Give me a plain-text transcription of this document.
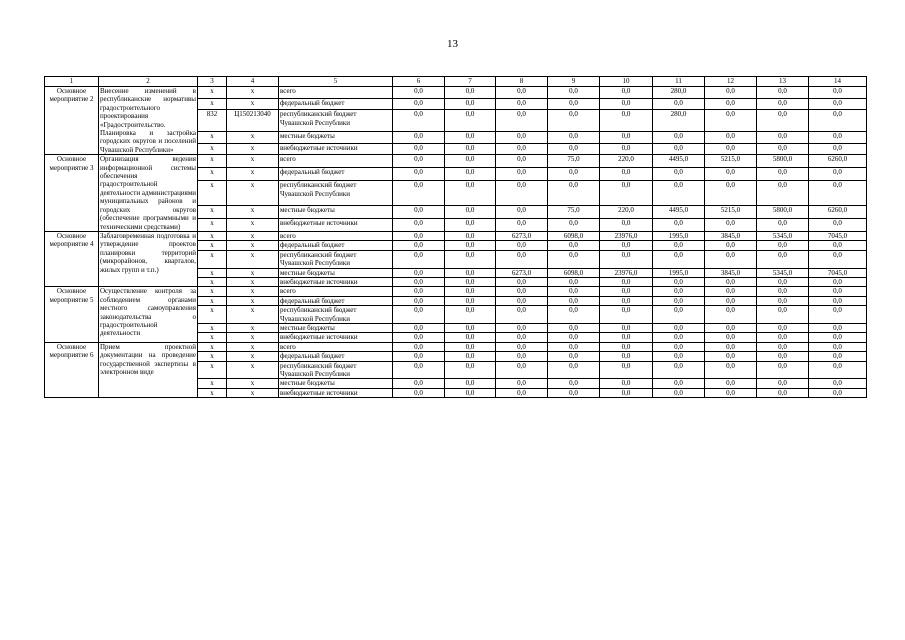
13
1	2	3	4	5	6	7	8	9	10	11	12	13	14
Основное мероприятие 2	Внесение изменений в республиканские нормативы градостроительного проектирования «Градостроительство. Планировка и застройка городских округов и поселений Чувашской Республики»	x	x	всего	0,0	0,0	0,0	0,0	0,0	280,0	0,0	0,0	0,0
		x	x	федеральный бюджет	0,0	0,0	0,0	0,0	0,0	0,0	0,0	0,0	0,0
		832	Ц150213040	республиканский бюджет Чувашской Республики	0,0	0,0	0,0	0,0	0,0	280,0	0,0	0,0	0,0
		x	x	местные бюджеты	0,0	0,0	0,0	0,0	0,0	0,0	0,0	0,0	0,0
		x	x	внебюджетные источники	0,0	0,0	0,0	0,0	0,0	0,0	0,0	0,0	0,0
Основное мероприятие 3	Организация ведения информационной системы обеспечения градостроительной деятельности администрациями муниципальных районов и городских округов (обеспечение программными и техническими средствами)	x	x	всего	0,0	0,0	0,0	75,0	220,0	4495,0	5215,0	5800,0	6260,0
		x	x	федеральный бюджет	0,0	0,0	0,0	0,0	0,0	0,0	0,0	0,0	0,0
		x	x	республиканский бюджет Чувашской Республики	0,0	0,0	0,0	0,0	0,0	0,0	0,0	0,0	0,0
		x	x	местные бюджеты	0,0	0,0	0,0	75,0	220,0	4495,0	5215,0	5800,0	6260,0
		x	x	внебюджетные источники	0,0	0,0	0,0	0,0	0,0	0,0	0,0	0,0	0,0
Основное мероприятие 4	Заблаговременная подготовка и утверждение проектов планировки территорий (микрорайонов, кварталов, жилых групп и т.п.)	x	x	всего	0,0	0,0	6273,0	6098,0	23976,0	1995,0	3845,0	5345,0	7045,0
		x	x	федеральный бюджет	0,0	0,0	0,0	0,0	0,0	0,0	0,0	0,0	0,0
		x	x	республиканский бюджет Чувашской Республики	0,0	0,0	0,0	0,0	0,0	0,0	0,0	0,0	0,0
		x	x	местные бюджеты	0,0	0,0	6273,0	6098,0	23976,0	1995,0	3845,0	5345,0	7045,0
		x	x	внебюджетные источники	0,0	0,0	0,0	0,0	0,0	0,0	0,0	0,0	0,0
Основное мероприятие 5	Осуществление контроля за соблюдением органами местного самоуправления законодательства о градостроительной деятельности	x	x	всего	0,0	0,0	0,0	0,0	0,0	0,0	0,0	0,0	0,0
		x	x	федеральный бюджет	0,0	0,0	0,0	0,0	0,0	0,0	0,0	0,0	0,0
		x	x	республиканский бюджет Чувашской Республики	0,0	0,0	0,0	0,0	0,0	0,0	0,0	0,0	0,0
		x	x	местные бюджеты	0,0	0,0	0,0	0,0	0,0	0,0	0,0	0,0	0,0
		x	x	внебюджетные источники	0,0	0,0	0,0	0,0	0,0	0,0	0,0	0,0	0,0
Основное мероприятие 6	Прием проектной документации на проведение государственной экспертизы в электронном виде	x	x	всего	0,0	0,0	0,0	0,0	0,0	0,0	0,0	0,0	0,0
		x	x	федеральный бюджет	0,0	0,0	0,0	0,0	0,0	0,0	0,0	0,0	0,0
		x	x	республиканский бюджет Чувашской Республики	0,0	0,0	0,0	0,0	0,0	0,0	0,0	0,0	0,0
		x	x	местные бюджеты	0,0	0,0	0,0	0,0	0,0	0,0	0,0	0,0	0,0
		x	x	внебюджетные источники	0,0	0,0	0,0	0,0	0,0	0,0	0,0	0,0	0,0
